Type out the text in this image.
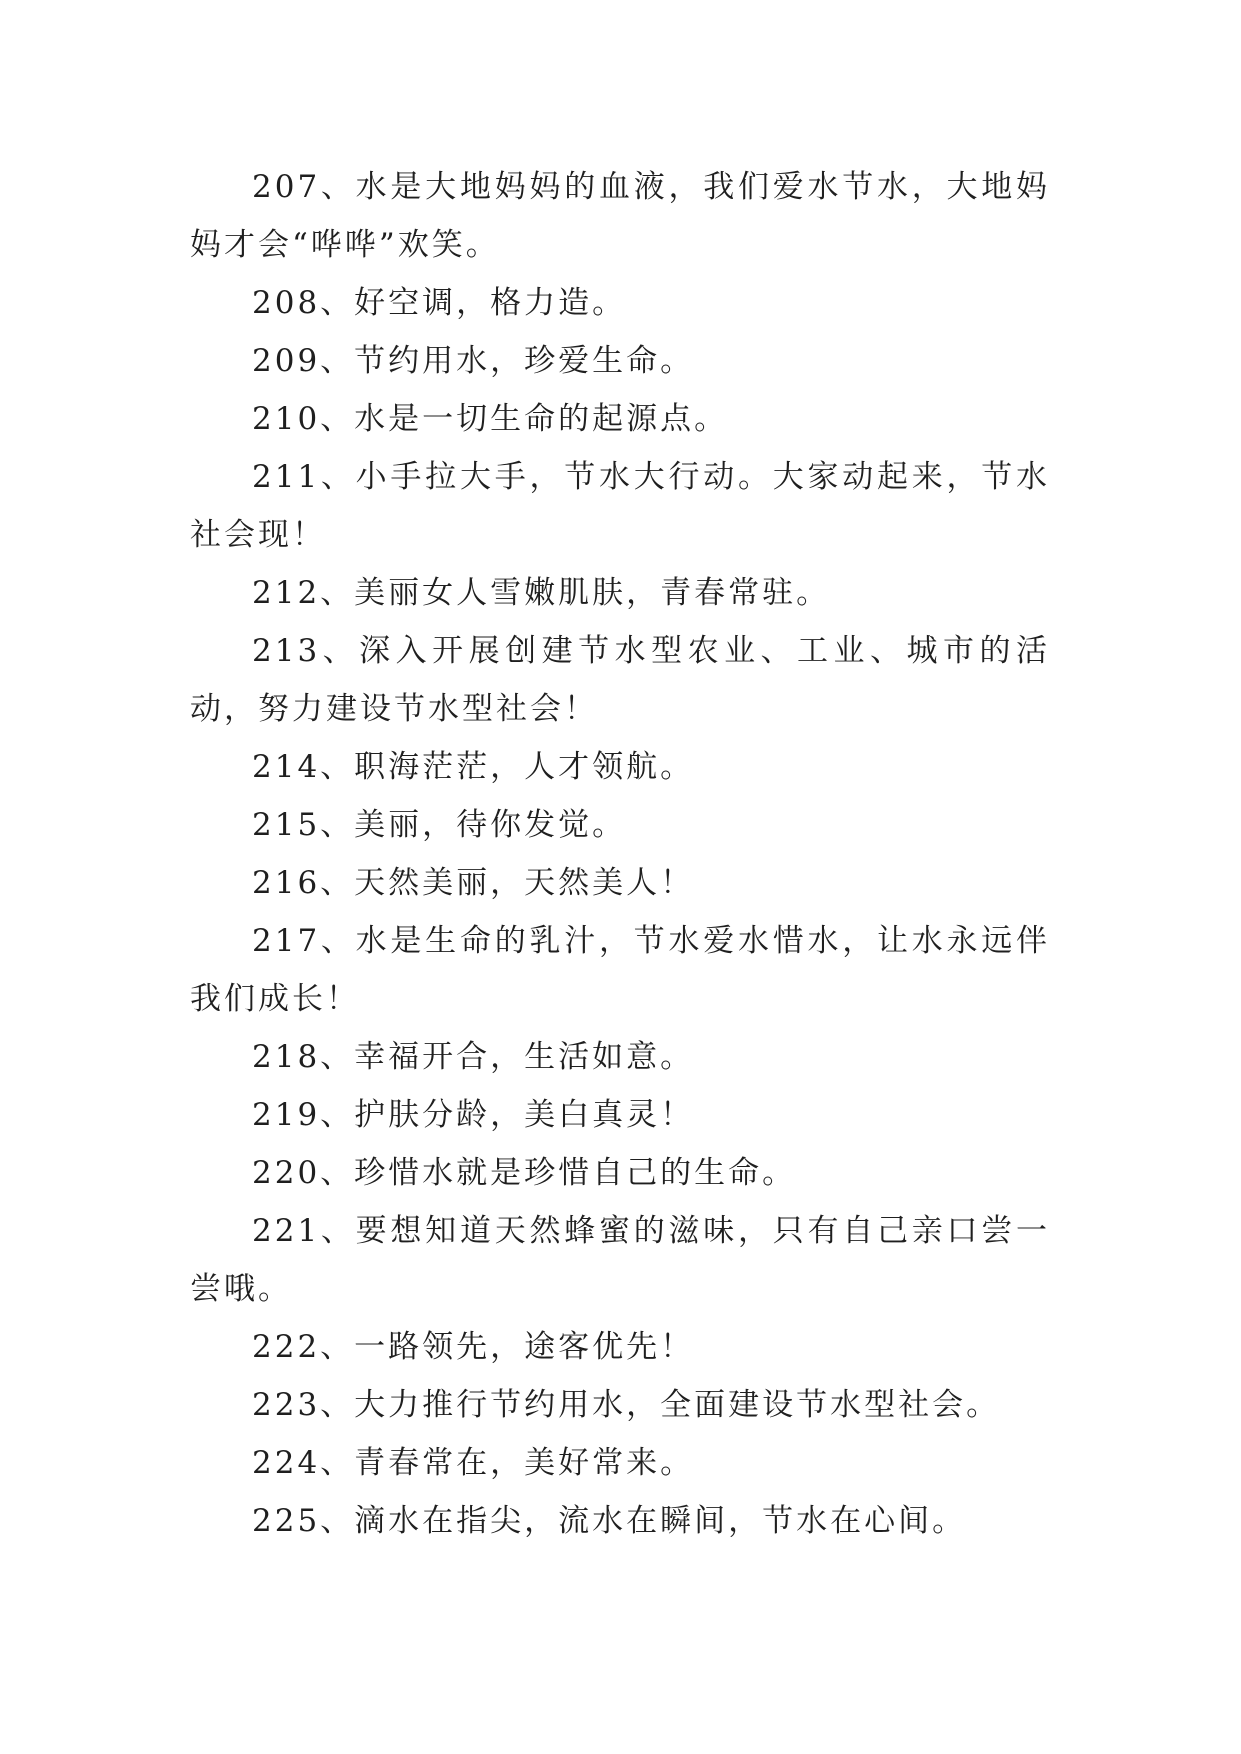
207、水是大地妈妈的血液，我们爱水节水，大地妈妈才会“哗哗”欢笑。

208、好空调，格力造。

209、节约用水，珍爱生命。

210、水是一切生命的起源点。

211、小手拉大手，节水大行动。大家动起来，节水社会现！

212、美丽女人雪嫩肌肤，青春常驻。

213、深入开展创建节水型农业、工业、城市的活动，努力建设节水型社会！

214、职海茫茫，人才领航。

215、美丽，待你发觉。

216、天然美丽，天然美人！

217、水是生命的乳汁，节水爱水惜水，让水永远伴我们成长！

218、幸福开合，生活如意。

219、护肤分龄，美白真灵！

220、珍惜水就是珍惜自己的生命。

221、要想知道天然蜂蜜的滋味，只有自己亲口尝一尝哦。

222、一路领先，途客优先！

223、大力推行节约用水，全面建设节水型社会。

224、青春常在，美好常来。

225、滴水在指尖，流水在瞬间，节水在心间。
